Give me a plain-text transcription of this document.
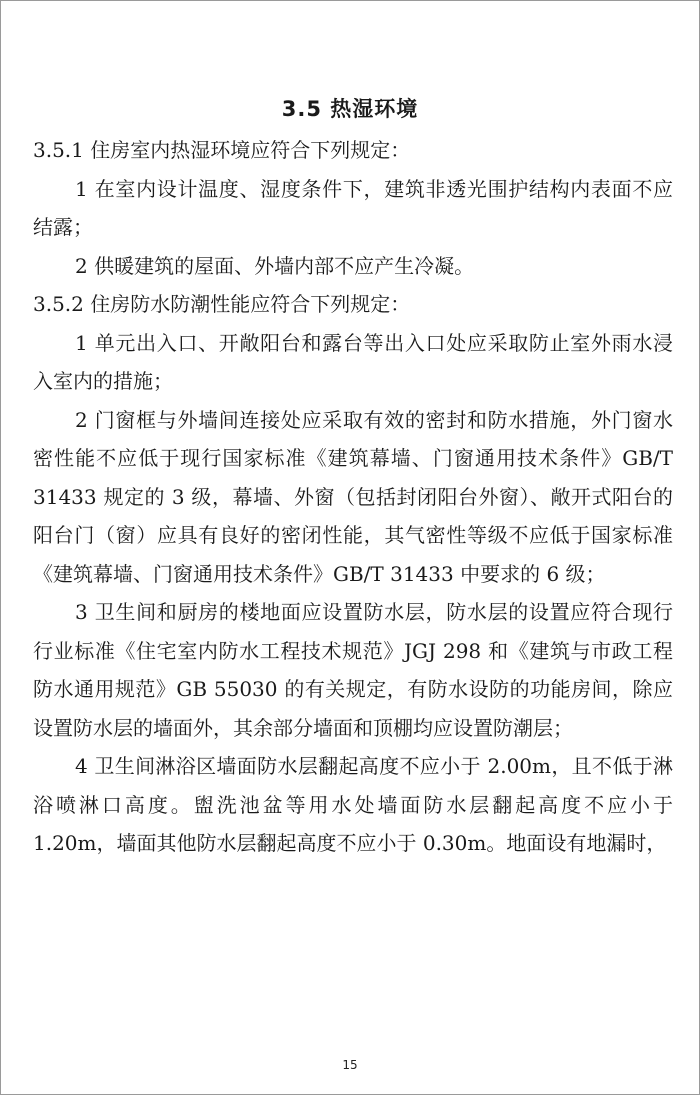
3.5 热湿环境

3.5.1 住房室内热湿环境应符合下列规定：

1 在室内设计温度、湿度条件下，建筑非透光围护结构内表面不应结露；

2 供暖建筑的屋面、外墙内部不应产生冷凝。

3.5.2 住房防水防潮性能应符合下列规定：

1 单元出入口、开敞阳台和露台等出入口处应采取防止室外雨水浸入室内的措施；

2 门窗框与外墙间连接处应采取有效的密封和防水措施，外门窗水密性能不应低于现行国家标准《建筑幕墙、门窗通用技术条件》GB/T 31433 规定的 3 级，幕墙、外窗（包括封闭阳台外窗）、敞开式阳台的阳台门（窗）应具有良好的密闭性能，其气密性等级不应低于国家标准《建筑幕墙、门窗通用技术条件》GB/T 31433 中要求的 6 级；

3 卫生间和厨房的楼地面应设置防水层，防水层的设置应符合现行行业标准《住宅室内防水工程技术规范》JGJ 298 和《建筑与市政工程防水通用规范》GB 55030 的有关规定，有防水设防的功能房间，除应设置防水层的墙面外，其余部分墙面和顶棚均应设置防潮层；

4 卫生间淋浴区墙面防水层翻起高度不应小于 2.00m，且不低于淋浴喷淋口高度。盥洗池盆等用水处墙面防水层翻起高度不应小于 1.20m，墙面其他防水层翻起高度不应小于 0.30m。地面设有地漏时，

15
